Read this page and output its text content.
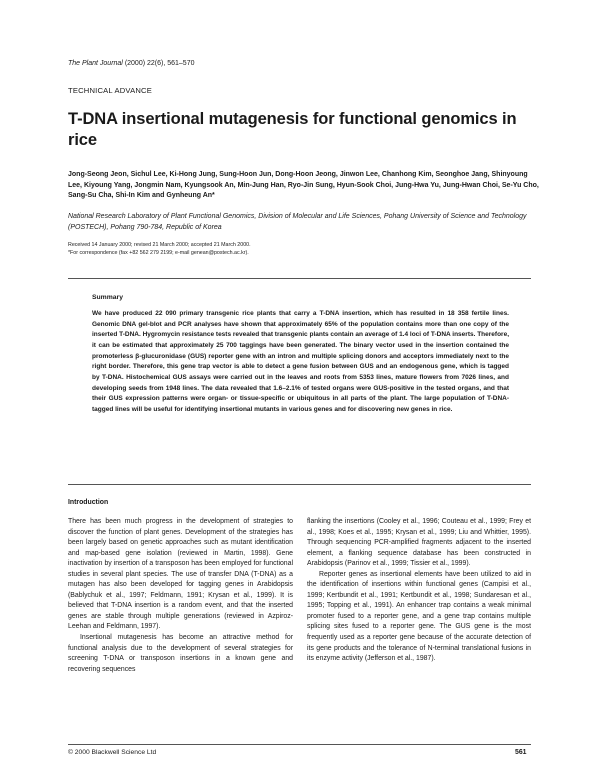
The Plant Journal (2000) 22(6), 561–570
TECHNICAL ADVANCE
T-DNA insertional mutagenesis for functional genomics in rice
Jong-Seong Jeon, Sichul Lee, Ki-Hong Jung, Sung-Hoon Jun, Dong-Hoon Jeong, Jinwon Lee, Chanhong Kim, Seonghoe Jang, Shinyoung Lee, Kiyoung Yang, Jongmin Nam, Kyungsook An, Min-Jung Han, Ryo-Jin Sung, Hyun-Sook Choi, Jung-Hwa Yu, Jung-Hwan Choi, Se-Yu Cho, Sang-Su Cha, Shi-In Kim and Gynheung An*
National Research Laboratory of Plant Functional Genomics, Division of Molecular and Life Sciences, Pohang University of Science and Technology (POSTECH), Pohang 790-784, Republic of Korea
Received 14 January 2000; revised 21 March 2000; accepted 21 March 2000.
*For correspondence (fax +82 562 279 2199; e-mail genean@postech.ac.kr).
Summary
We have produced 22 090 primary transgenic rice plants that carry a T-DNA insertion, which has resulted in 18 358 fertile lines. Genomic DNA gel-blot and PCR analyses have shown that approximately 65% of the population contains more than one copy of the inserted T-DNA. Hygromycin resistance tests revealed that transgenic plants contain an average of 1.4 loci of T-DNA inserts. Therefore, it can be estimated that approximately 25 700 taggings have been generated. The binary vector used in the insertion contained the promoterless β-glucuronidase (GUS) reporter gene with an intron and multiple splicing donors and acceptors immediately next to the right border. Therefore, this gene trap vector is able to detect a gene fusion between GUS and an endogenous gene, which is tagged by T-DNA. Histochemical GUS assays were carried out in the leaves and roots from 5353 lines, mature flowers from 7026 lines, and developing seeds from 1948 lines. The data revealed that 1.6–2.1% of tested organs were GUS-positive in the tested organs, and that their GUS expression patterns were organ- or tissue-specific or ubiquitous in all parts of the plant. The large population of T-DNA-tagged lines will be useful for identifying insertional mutants in various genes and for discovering new genes in rice.
Introduction

There has been much progress in the development of strategies to discover the function of plant genes. Development of the strategies has been largely based on genetic approaches such as mutant identification and map-based gene isolation (reviewed in Martin, 1998). Gene inactivation by insertion of a transposon has been employed for functional studies in several plant species. The use of transfer DNA (T-DNA) as a mutagen has also been developed for tagging genes in Arabidopsis (Bablychuk et al., 1997; Feldmann, 1991; Krysan et al., 1999). It is believed that T-DNA insertion is a random event, and that the inserted genes are stable through multiple generations (reviewed in Azpiroz-Leehan and Feldmann, 1997).

Insertional mutagenesis has become an attractive method for functional analysis due to the development of several strategies for screening T-DNA or transposon insertions in a known gene and recovering sequences

flanking the insertions (Cooley et al., 1996; Couteau et al., 1999; Frey et al., 1998; Koes et al., 1995; Krysan et al., 1999; Liu and Whittier, 1995). Through sequencing PCR-amplified fragments adjacent to the inserted element, a flanking sequence database has been constructed in Arabidopsis (Parinov et al., 1999; Tissier et al., 1999).

Reporter genes as insertional elements have been utilized to aid in the identification of insertions within functional genes (Campisi et al., 1999; Kertbundit et al., 1991; Kertbundit et al., 1998; Sundaresan et al., 1995; Topping et al., 1991). An enhancer trap contains a weak minimal promoter fused to a reporter gene, and a gene trap contains multiple splicing sites fused to a reporter gene. The GUS gene is the most frequently used as a reporter gene because of the accurate detection of its gene products and the tolerance of N-terminal translational fusions in its enzyme activity (Jefferson et al., 1987).

© 2000 Blackwell Science Ltd	561
